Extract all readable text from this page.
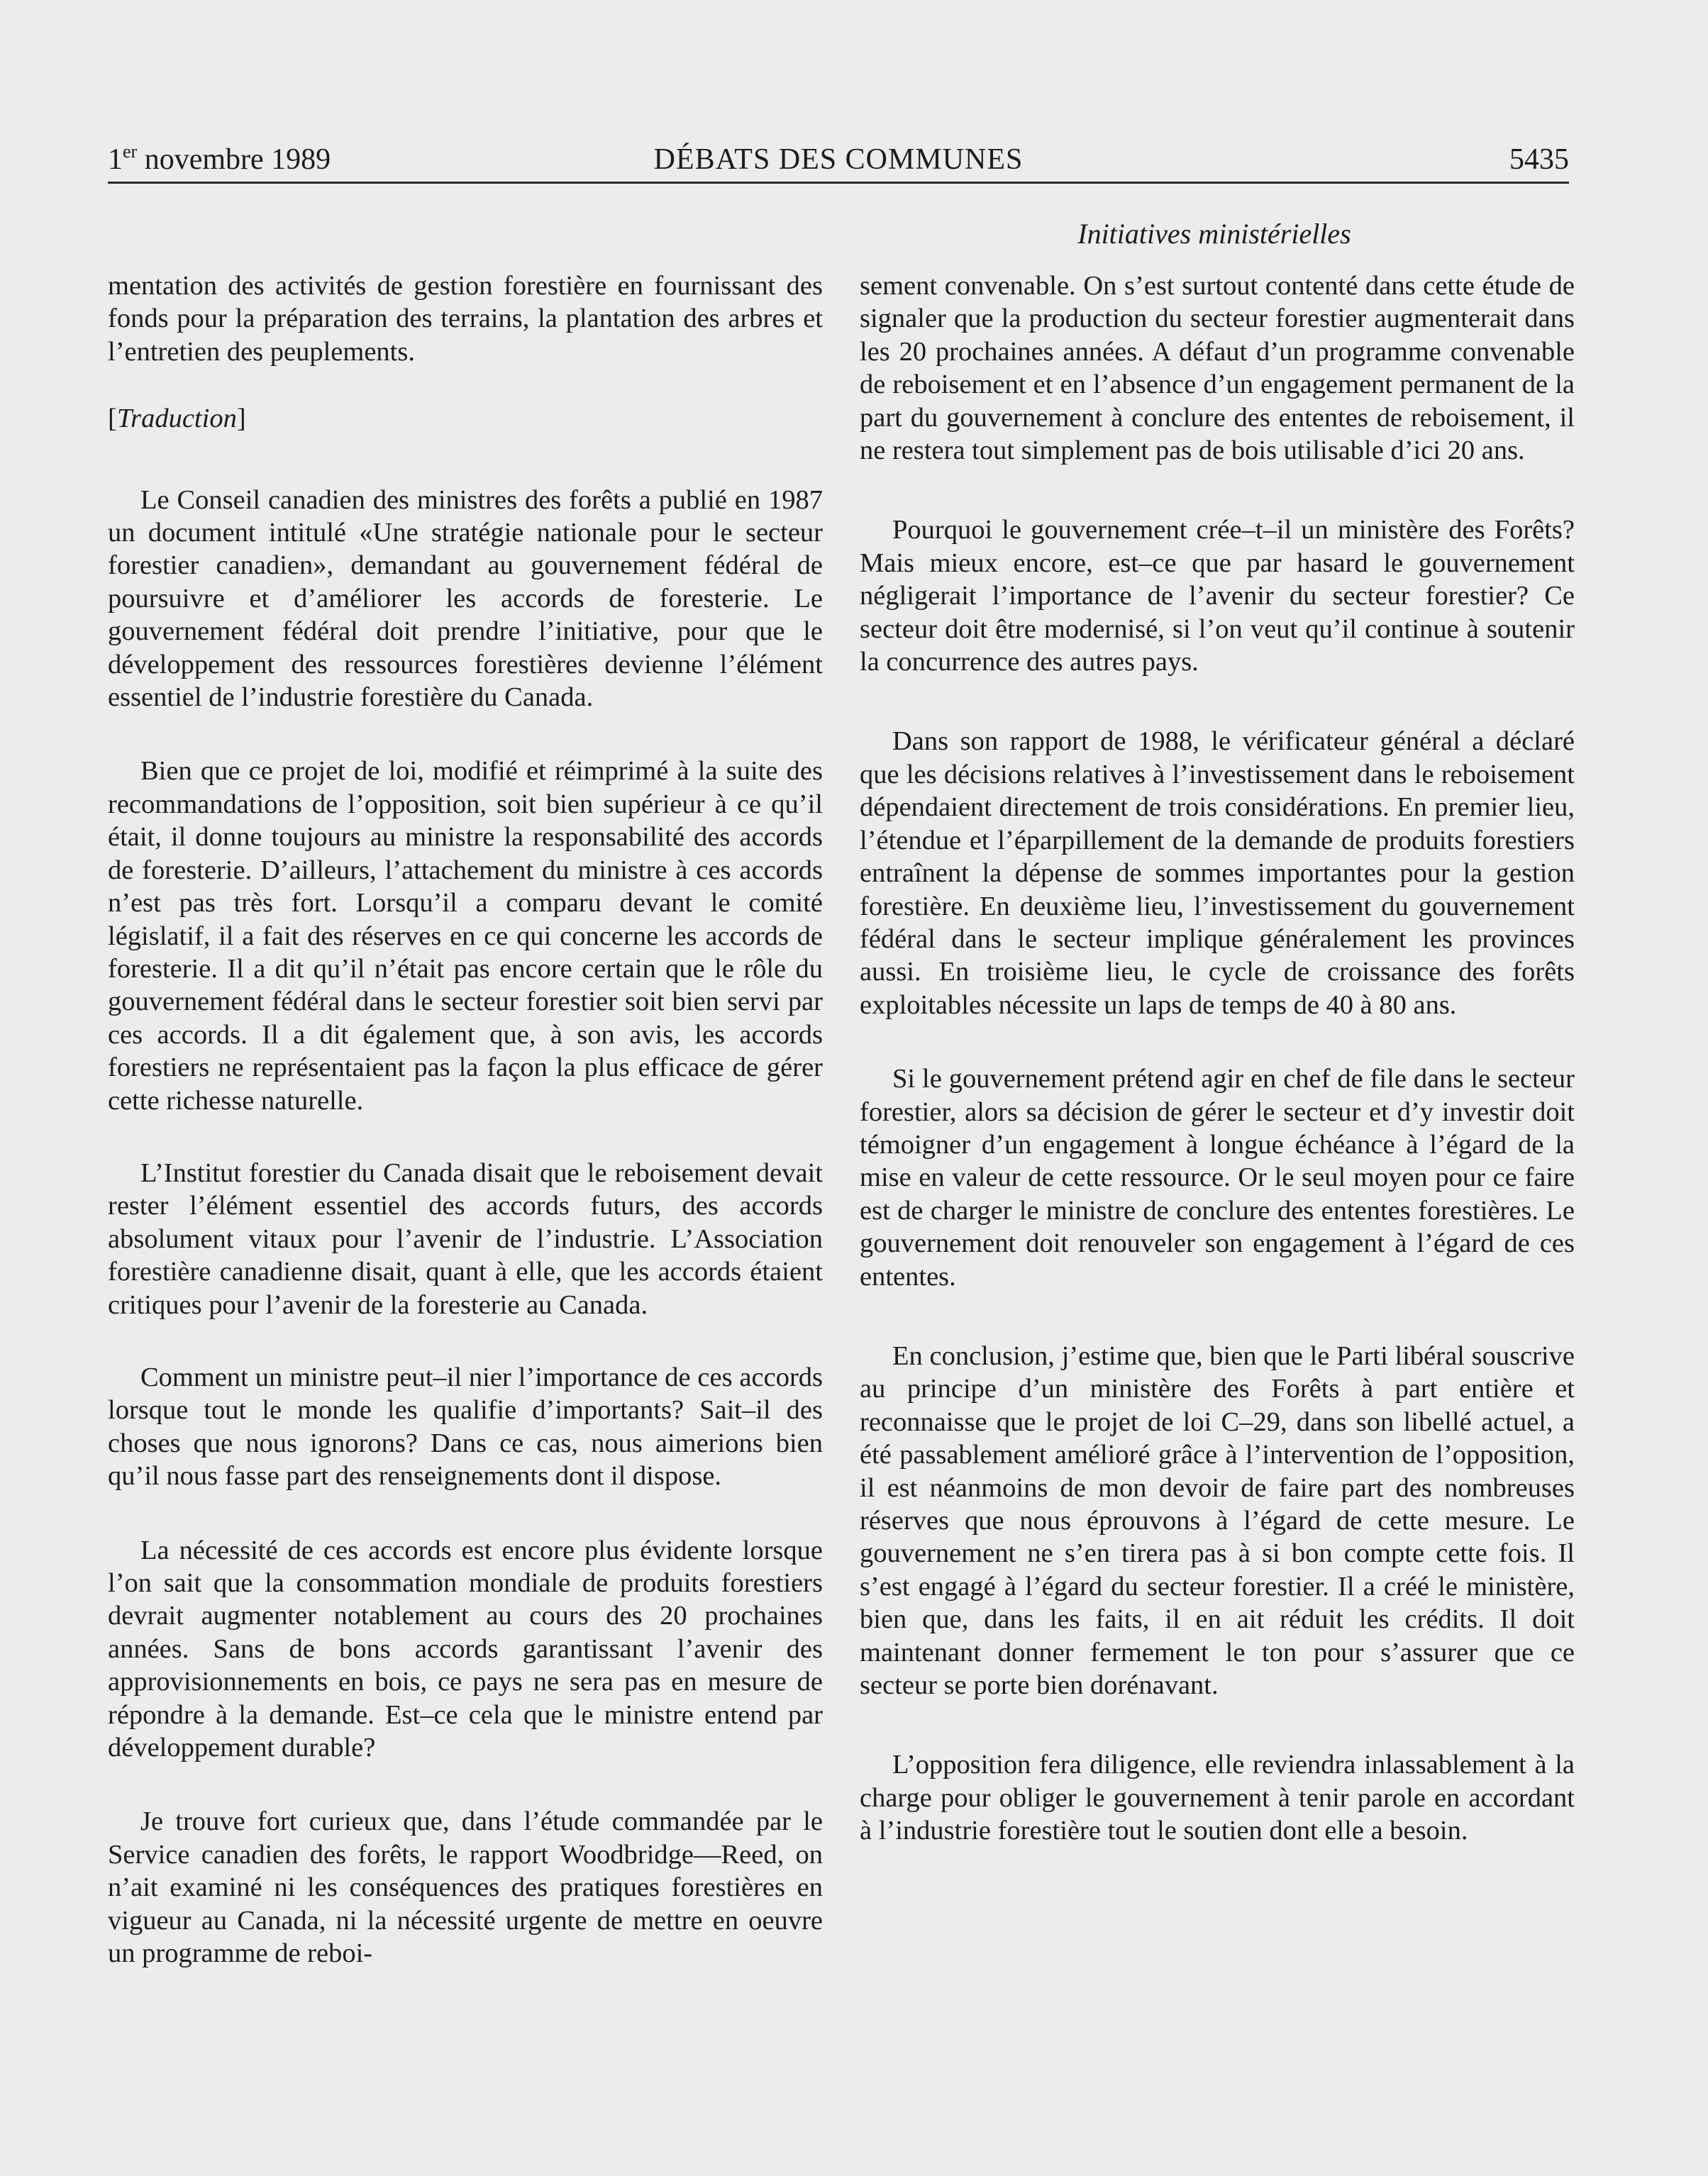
1er novembre 1989	DÉBATS DES COMMUNES	5435
Initiatives ministérielles

mentation des activités de gestion forestière en fournissant des fonds pour la préparation des terrains, la plantation des arbres et l’entretien des peuplements.

[Traduction]

Le Conseil canadien des ministres des forêts a publié en 1987 un document intitulé «Une stratégie nationale pour le secteur forestier canadien», demandant au gouvernement fédéral de poursuivre et d’améliorer les accords de foresterie. Le gouvernement fédéral doit prendre l’initiative, pour que le développement des ressources forestières devienne l’élément essentiel de l’industrie forestière du Canada.

Bien que ce projet de loi, modifié et réimprimé à la suite des recommandations de l’opposition, soit bien supérieur à ce qu’il était, il donne toujours au ministre la responsabilité des accords de foresterie. D’ailleurs, l’attachement du ministre à ces accords n’est pas très fort. Lorsqu’il a comparu devant le comité législatif, il a fait des réserves en ce qui concerne les accords de foresterie. Il a dit qu’il n’était pas encore certain que le rôle du gouvernement fédéral dans le secteur forestier soit bien servi par ces accords. Il a dit également que, à son avis, les accords forestiers ne représentaient pas la façon la plus efficace de gérer cette richesse naturelle.

L’Institut forestier du Canada disait que le reboisement devait rester l’élément essentiel des accords futurs, des accords absolument vitaux pour l’avenir de l’industrie. L’Association forestière canadienne disait, quant à elle, que les accords étaient critiques pour l’avenir de la foresterie au Canada.

Comment un ministre peut–il nier l’importance de ces accords lorsque tout le monde les qualifie d’importants? Sait–il des choses que nous ignorons? Dans ce cas, nous aimerions bien qu’il nous fasse part des renseignements dont il dispose.

La nécessité de ces accords est encore plus évidente lorsque l’on sait que la consommation mondiale de produits forestiers devrait augmenter notablement au cours des 20 prochaines années. Sans de bons accords garantissant l’avenir des approvisionnements en bois, ce pays ne sera pas en mesure de répondre à la demande. Est–ce cela que le ministre entend par développement durable?

Je trouve fort curieux que, dans l’étude commandée par le Service canadien des forêts, le rapport Woodbridge—Reed, on n’ait examiné ni les conséquences des pratiques forestières en vigueur au Canada, ni la nécessité urgente de mettre en oeuvre un programme de reboi-

sement convenable. On s’est surtout contenté dans cette étude de signaler que la production du secteur forestier augmenterait dans les 20 prochaines années. A défaut d’un programme convenable de reboisement et en l’absence d’un engagement permanent de la part du gouvernement à conclure des ententes de reboisement, il ne restera tout simplement pas de bois utilisable d’ici 20 ans.

Pourquoi le gouvernement crée–t–il un ministère des Forêts? Mais mieux encore, est–ce que par hasard le gouvernement négligerait l’importance de l’avenir du secteur forestier? Ce secteur doit être modernisé, si l’on veut qu’il continue à soutenir la concurrence des autres pays.

Dans son rapport de 1988, le vérificateur général a déclaré que les décisions relatives à l’investissement dans le reboisement dépendaient directement de trois considérations. En premier lieu, l’étendue et l’éparpillement de la demande de produits forestiers entraînent la dépense de sommes importantes pour la gestion forestière. En deuxième lieu, l’investissement du gouvernement fédéral dans le secteur implique généralement les provinces aussi. En troisième lieu, le cycle de croissance des forêts exploitables nécessite un laps de temps de 40 à 80 ans.

Si le gouvernement prétend agir en chef de file dans le secteur forestier, alors sa décision de gérer le secteur et d’y investir doit témoigner d’un engagement à longue échéance à l’égard de la mise en valeur de cette ressource. Or le seul moyen pour ce faire est de charger le ministre de conclure des ententes forestières. Le gouvernement doit renouveler son engagement à l’égard de ces ententes.

En conclusion, j’estime que, bien que le Parti libéral souscrive au principe d’un ministère des Forêts à part entière et reconnaisse que le projet de loi C–29, dans son libellé actuel, a été passablement amélioré grâce à l’intervention de l’opposition, il est néanmoins de mon devoir de faire part des nombreuses réserves que nous éprouvons à l’égard de cette mesure. Le gouvernement ne s’en tirera pas à si bon compte cette fois. Il s’est engagé à l’égard du secteur forestier. Il a créé le ministère, bien que, dans les faits, il en ait réduit les crédits. Il doit maintenant donner fermement le ton pour s’assurer que ce secteur se porte bien dorénavant.

L’opposition fera diligence, elle reviendra inlassablement à la charge pour obliger le gouvernement à tenir parole en accordant à l’industrie forestière tout le soutien dont elle a besoin.
